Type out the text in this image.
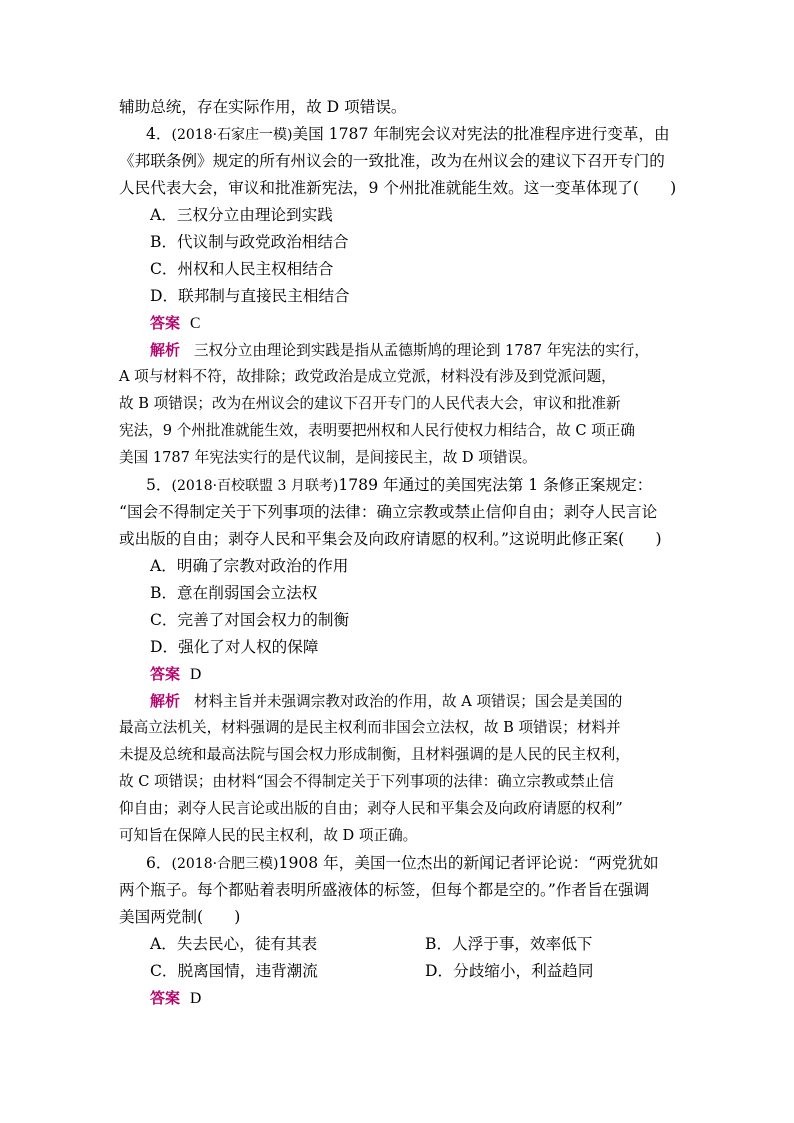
辅助总统，存在实际作用，故 D 项错误。
4．(2018·石家庄一模)美国 1787 年制宪会议对宪法的批准程序进行变革，由
《邦联条例》规定的所有州议会的一致批准，改为在州议会的建议下召开专门的
人民代表大会，审议和批准新宪法，9 个州批准就能生效。这一变革体现了(　　)
A．三权分立由理论到实践
B．代议制与政党政治相结合
C．州权和人民主权相结合
D．联邦制与直接民主相结合
答案 C
解析 三权分立由理论到实践是指从孟德斯鸠的理论到 1787 年宪法的实行，
A 项与材料不符，故排除；政党政治是成立党派，材料没有涉及到党派问题，
故 B 项错误；改为在州议会的建议下召开专门的人民代表大会，审议和批准新
宪法，9 个州批准就能生效，表明要把州权和人民行使权力相结合，故 C 项正确
美国 1787 年宪法实行的是代议制，是间接民主，故 D 项错误。
5．(2018·百校联盟 3 月联考)1789 年通过的美国宪法第 1 条修正案规定：
“国会不得制定关于下列事项的法律：确立宗教或禁止信仰自由；剥夺人民言论
或出版的自由；剥夺人民和平集会及向政府请愿的权利。”这说明此修正案(　　)
A．明确了宗教对政治的作用
B．意在削弱国会立法权
C．完善了对国会权力的制衡
D．强化了对人权的保障
答案 D
解析 材料主旨并未强调宗教对政治的作用，故 A 项错误；国会是美国的
最高立法机关，材料强调的是民主权利而非国会立法权，故 B 项错误；材料并
未提及总统和最高法院与国会权力形成制衡，且材料强调的是人民的民主权利，
故 C 项错误；由材料“国会不得制定关于下列事项的法律：确立宗教或禁止信
仰自由；剥夺人民言论或出版的自由；剥夺人民和平集会及向政府请愿的权利”
可知旨在保障人民的民主权利，故 D 项正确。
6．(2018·合肥三模)1908 年，美国一位杰出的新闻记者评论说：“两党犹如
两个瓶子。每个都贴着表明所盛液体的标签，但每个都是空的。”作者旨在强调
美国两党制(　　)
A．失去民心，徒有其表	B．人浮于事，效率低下
C．脱离国情，违背潮流	D．分歧缩小，利益趋同
答案 D
